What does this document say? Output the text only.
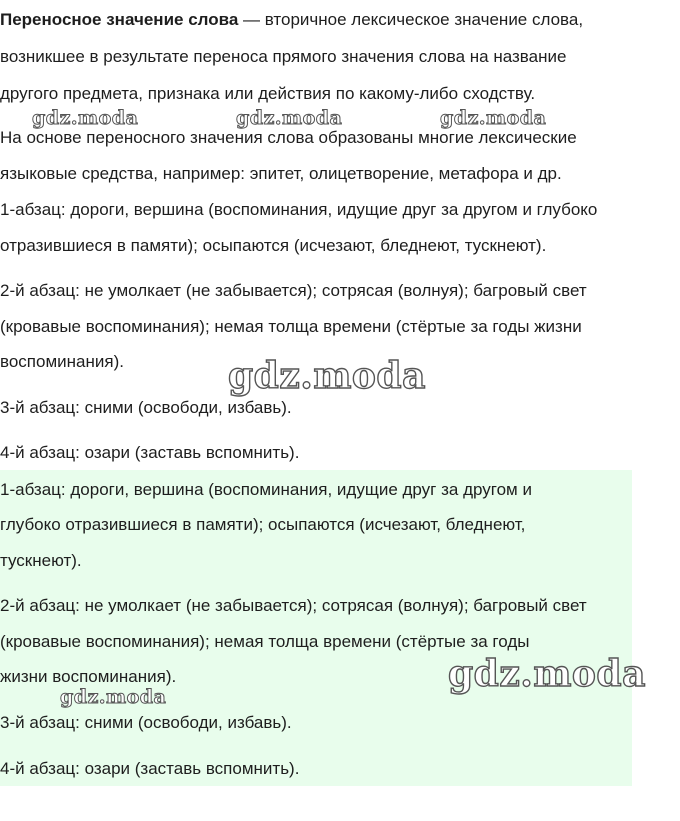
Переносное значение слова — вторичное лексическое значение слова,
возникшее в результате переноса прямого значения слова на название
другого предмета, признака или действия по какому-либо сходству.
На основе переносного значения слова образованы многие лексические
языковые средства, например: эпитет, олицетворение, метафора и др.
1-абзац: дороги, вершина (воспоминания, идущие друг за другом и глубоко
отразившиеся в памяти); осыпаются (исчезают, бледнеют, тускнеют).
2-й абзац: не умолкает (не забывается); сотрясая (волнуя); багровый свет
(кровавые воспоминания); немая толща времени (стёртые за годы жизни
воспоминания).
3-й абзац: сними (освободи, избавь).
4-й абзац: озари (заставь вспомнить).
1-абзац: дороги, вершина (воспоминания, идущие друг за другом и
глубоко отразившиеся в памяти); осыпаются (исчезают, бледнеют,
тускнеют).
2-й абзац: не умолкает (не забывается); сотрясая (волнуя); багровый свет
(кровавые воспоминания); немая толща времени (стёртые за годы
жизни воспоминания).
3-й абзац: сними (освободи, избавь).
4-й абзац: озари (заставь вспомнить).
gdz.moda	gdz.moda	gdz.moda
gdz.moda
gdz.moda
gdz.moda
